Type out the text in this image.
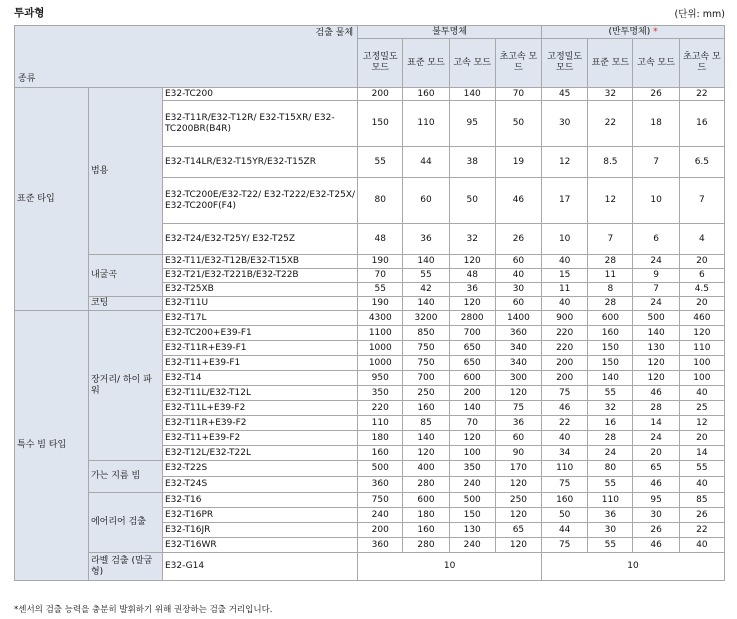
투과형	(단위: mm)
검출 물체
종류			불투명체				(반투명체) *			
			고정밀도 모드	표준 모드	고속 모드	초고속 모드	고정밀도 모드	표준 모드	고속 모드	초고속 모드
표준 타입	범용	E32-TC200	200	160	140	70	45	32	26	22
		E32-T11R/E32-T12R/ E32-T15XR/ E32-TC200BR(B4R)	150	110	95	50	30	22	18	16
		E32-T14LR/E32-T15YR/E32-T15ZR	55	44	38	19	12	8.5	7	6.5
		E32-TC200E/E32-T22/ E32-T222/E32-T25X/ E32-TC200F(F4)	80	60	50	46	17	12	10	7
		E32-T24/E32-T25Y/ E32-T25Z	48	36	32	26	10	7	6	4
	내굴곡	E32-T11/E32-T12B/E32-T15XB	190	140	120	60	40	28	24	20
		E32-T21/E32-T221B/E32-T22B	70	55	48	40	15	11	9	6
		E32-T25XB	55	42	36	30	11	8	7	4.5
	코팅	E32-T11U	190	140	120	60	40	28	24	20
특수 빔 타입	장거리/ 하이 파워	E32-T17L	4300	3200	2800	1400	900	600	500	460
		E32-TC200+E39-F1	1100	850	700	360	220	160	140	120
		E32-T11R+E39-F1	1000	750	650	340	220	150	130	110
		E32-T11+E39-F1	1000	750	650	340	200	150	120	100
		E32-T14	950	700	600	300	200	140	120	100
		E32-T11L/E32-T12L	350	250	200	120	75	55	46	40
		E32-T11L+E39-F2	220	160	140	75	46	32	28	25
		E32-T11R+E39-F2	110	85	70	36	22	16	14	12
		E32-T11+E39-F2	180	140	120	60	40	28	24	20
		E32-T12L/E32-T22L	160	120	100	90	34	24	20	14
	가는 지름 빔	E32-T22S	500	400	350	170	110	80	65	55
		E32-T24S	360	280	240	120	75	55	46	40
	에어리어 검출	E32-T16	750	600	500	250	160	110	95	85
		E32-T16PR	240	180	150	120	50	36	30	26
		E32-T16JR	200	160	130	65	44	30	26	22
		E32-T16WR	360	280	240	120	75	55	46	40
	라벨 검출 (말굽형)	E32-G14	10				10			
*센서의 검출 능력을 충분히 발휘하기 위해 권장하는 검출 거리입니다.
